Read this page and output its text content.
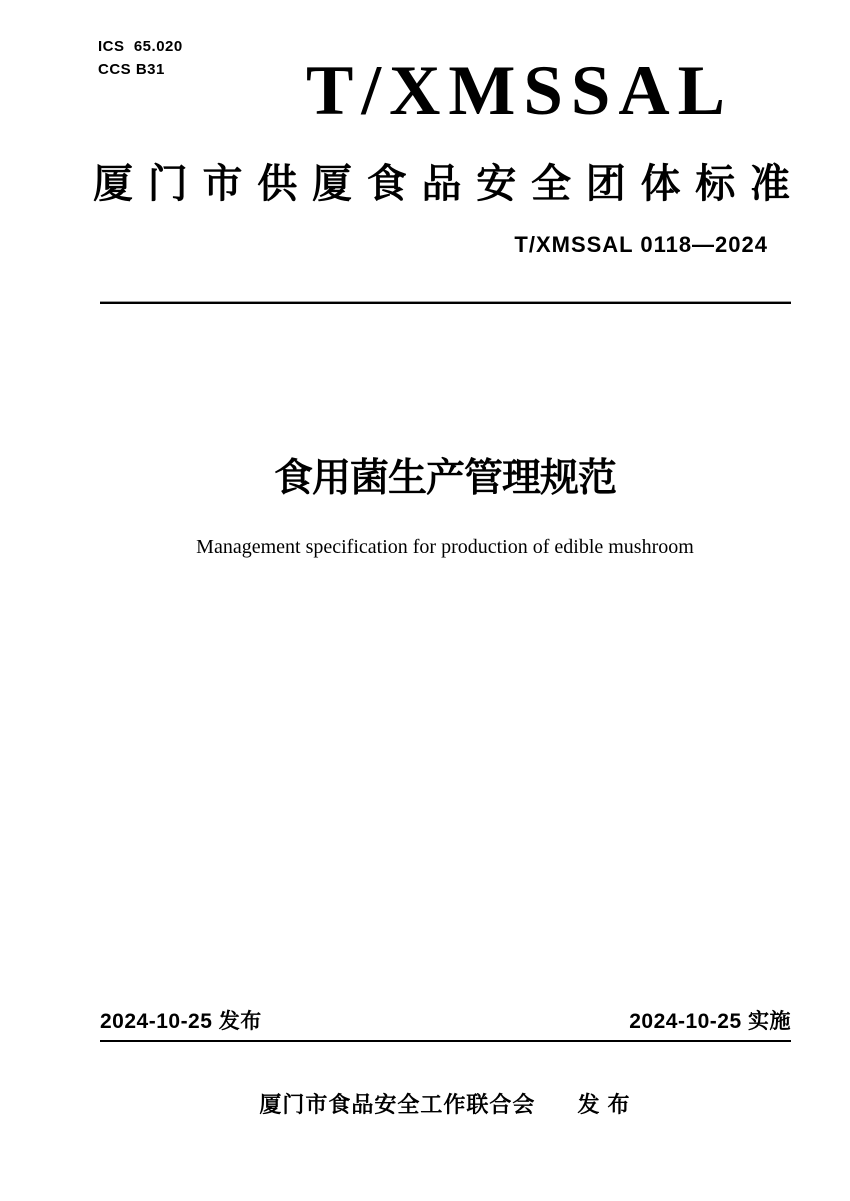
ICS  65.020
CCS B31 T/XMSSAL
厦 门 市 供 厦 食 品 安 全 团 体 标 准
T/XMSSAL 0118—2024
食用菌生产管理规范
Management specification for production of edible mushroom
2024-10-25 发布	2024-10-25 实施
厦门市食品安全工作联合会 发 布
